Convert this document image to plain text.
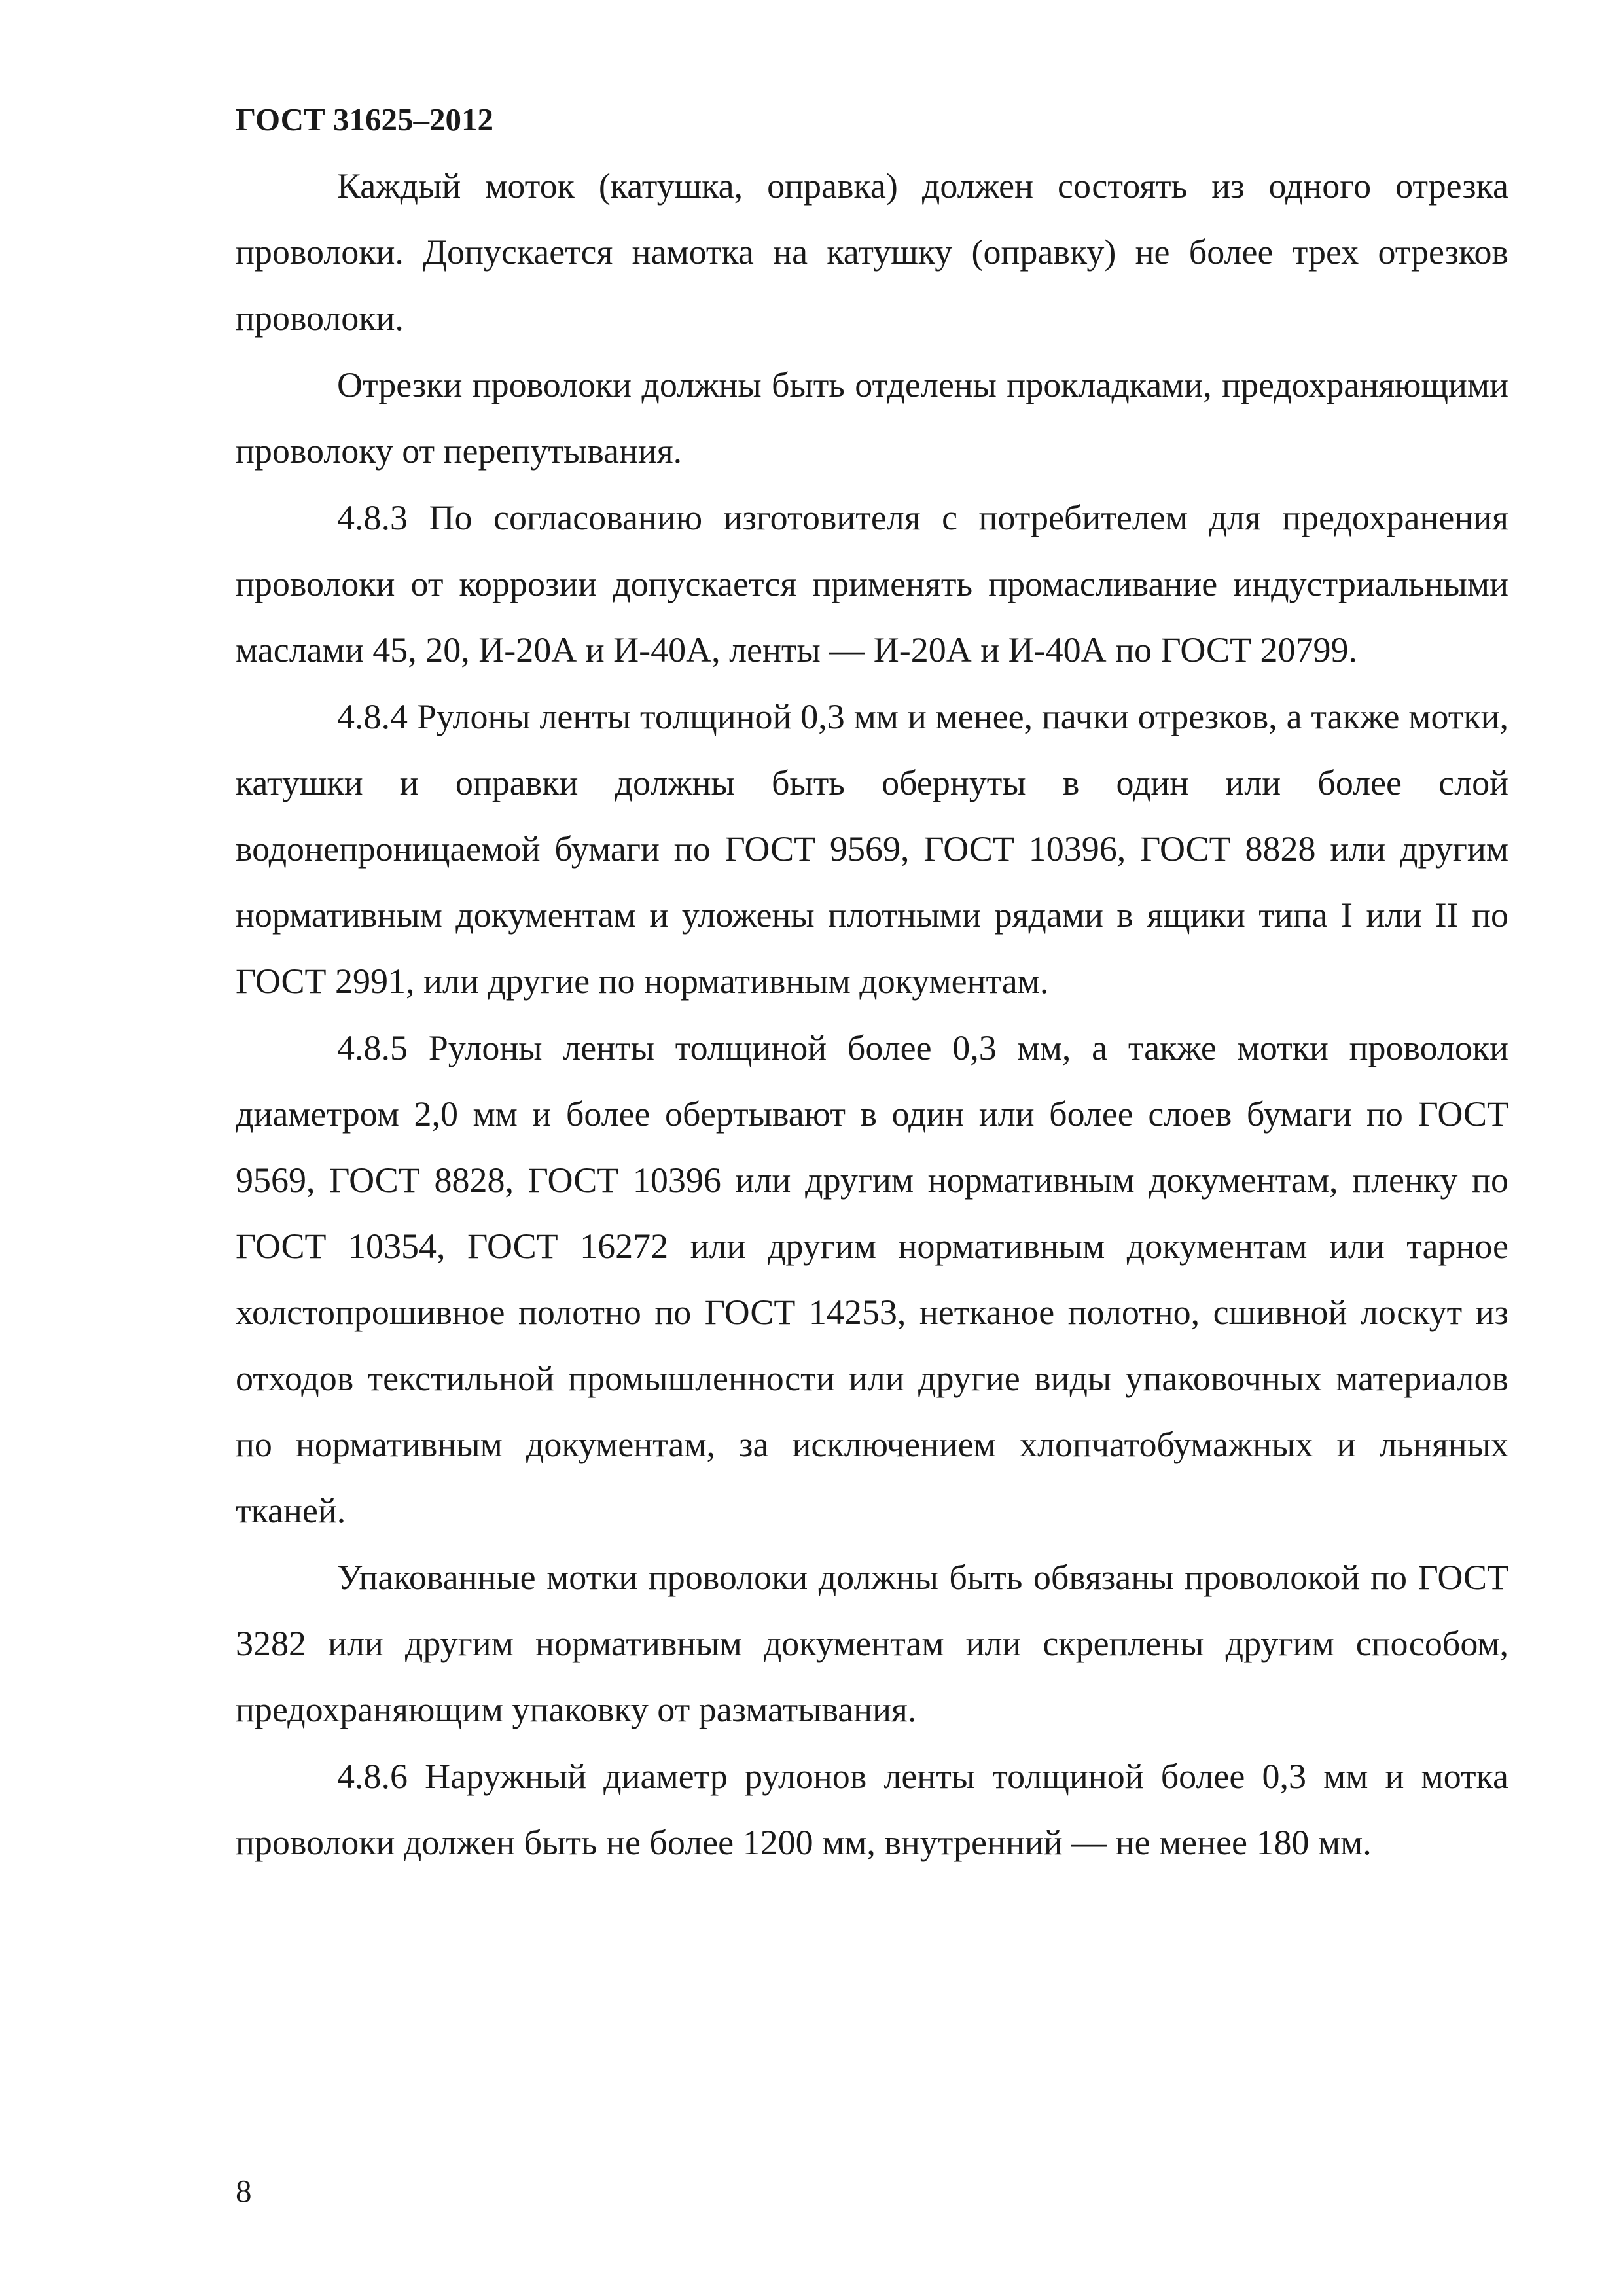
ГОСТ 31625–2012

Каждый моток (катушка, оправка) должен состоять из одного отрезка проволоки. Допускается намотка на катушку (оправку) не более трех отрезков проволоки.

Отрезки проволоки должны быть отделены прокладками, предохраняющими проволоку от перепутывания.

4.8.3 По согласованию изготовителя с потребителем для предохранения проволоки от коррозии допускается применять промасливание индустриальными маслами 45, 20, И-20А и И-40А, ленты — И-20А и И-40А по ГОСТ 20799.

4.8.4 Рулоны ленты толщиной 0,3 мм и менее, пачки отрезков, а также мотки, катушки и оправки должны быть обернуты в один или более слой водонепроницаемой бумаги по ГОСТ 9569, ГОСТ 10396, ГОСТ 8828 или другим нормативным документам и уложены плотными рядами в ящики типа I или II по ГОСТ 2991, или другие по нормативным документам.

4.8.5 Рулоны ленты толщиной более 0,3 мм, а также мотки проволоки диаметром 2,0 мм и более обертывают в один или более слоев бумаги по ГОСТ 9569, ГОСТ 8828, ГОСТ 10396 или другим нормативным документам, пленку по ГОСТ 10354, ГОСТ 16272 или другим нормативным документам или тарное холстопрошивное полотно по ГОСТ 14253, нетканое полотно, сшивной лоскут из отходов текстильной промышленности или другие виды упаковочных материалов по нормативным документам, за исключением хлопчатобумажных и льняных тканей.

Упакованные мотки проволоки должны быть обвязаны проволокой по ГОСТ 3282 или другим нормативным документам или скреплены другим способом, предохраняющим упаковку от разматывания.

4.8.6 Наружный диаметр рулонов ленты толщиной более 0,3 мм и мотка проволоки должен быть не более 1200 мм, внутренний — не менее 180 мм.

8
